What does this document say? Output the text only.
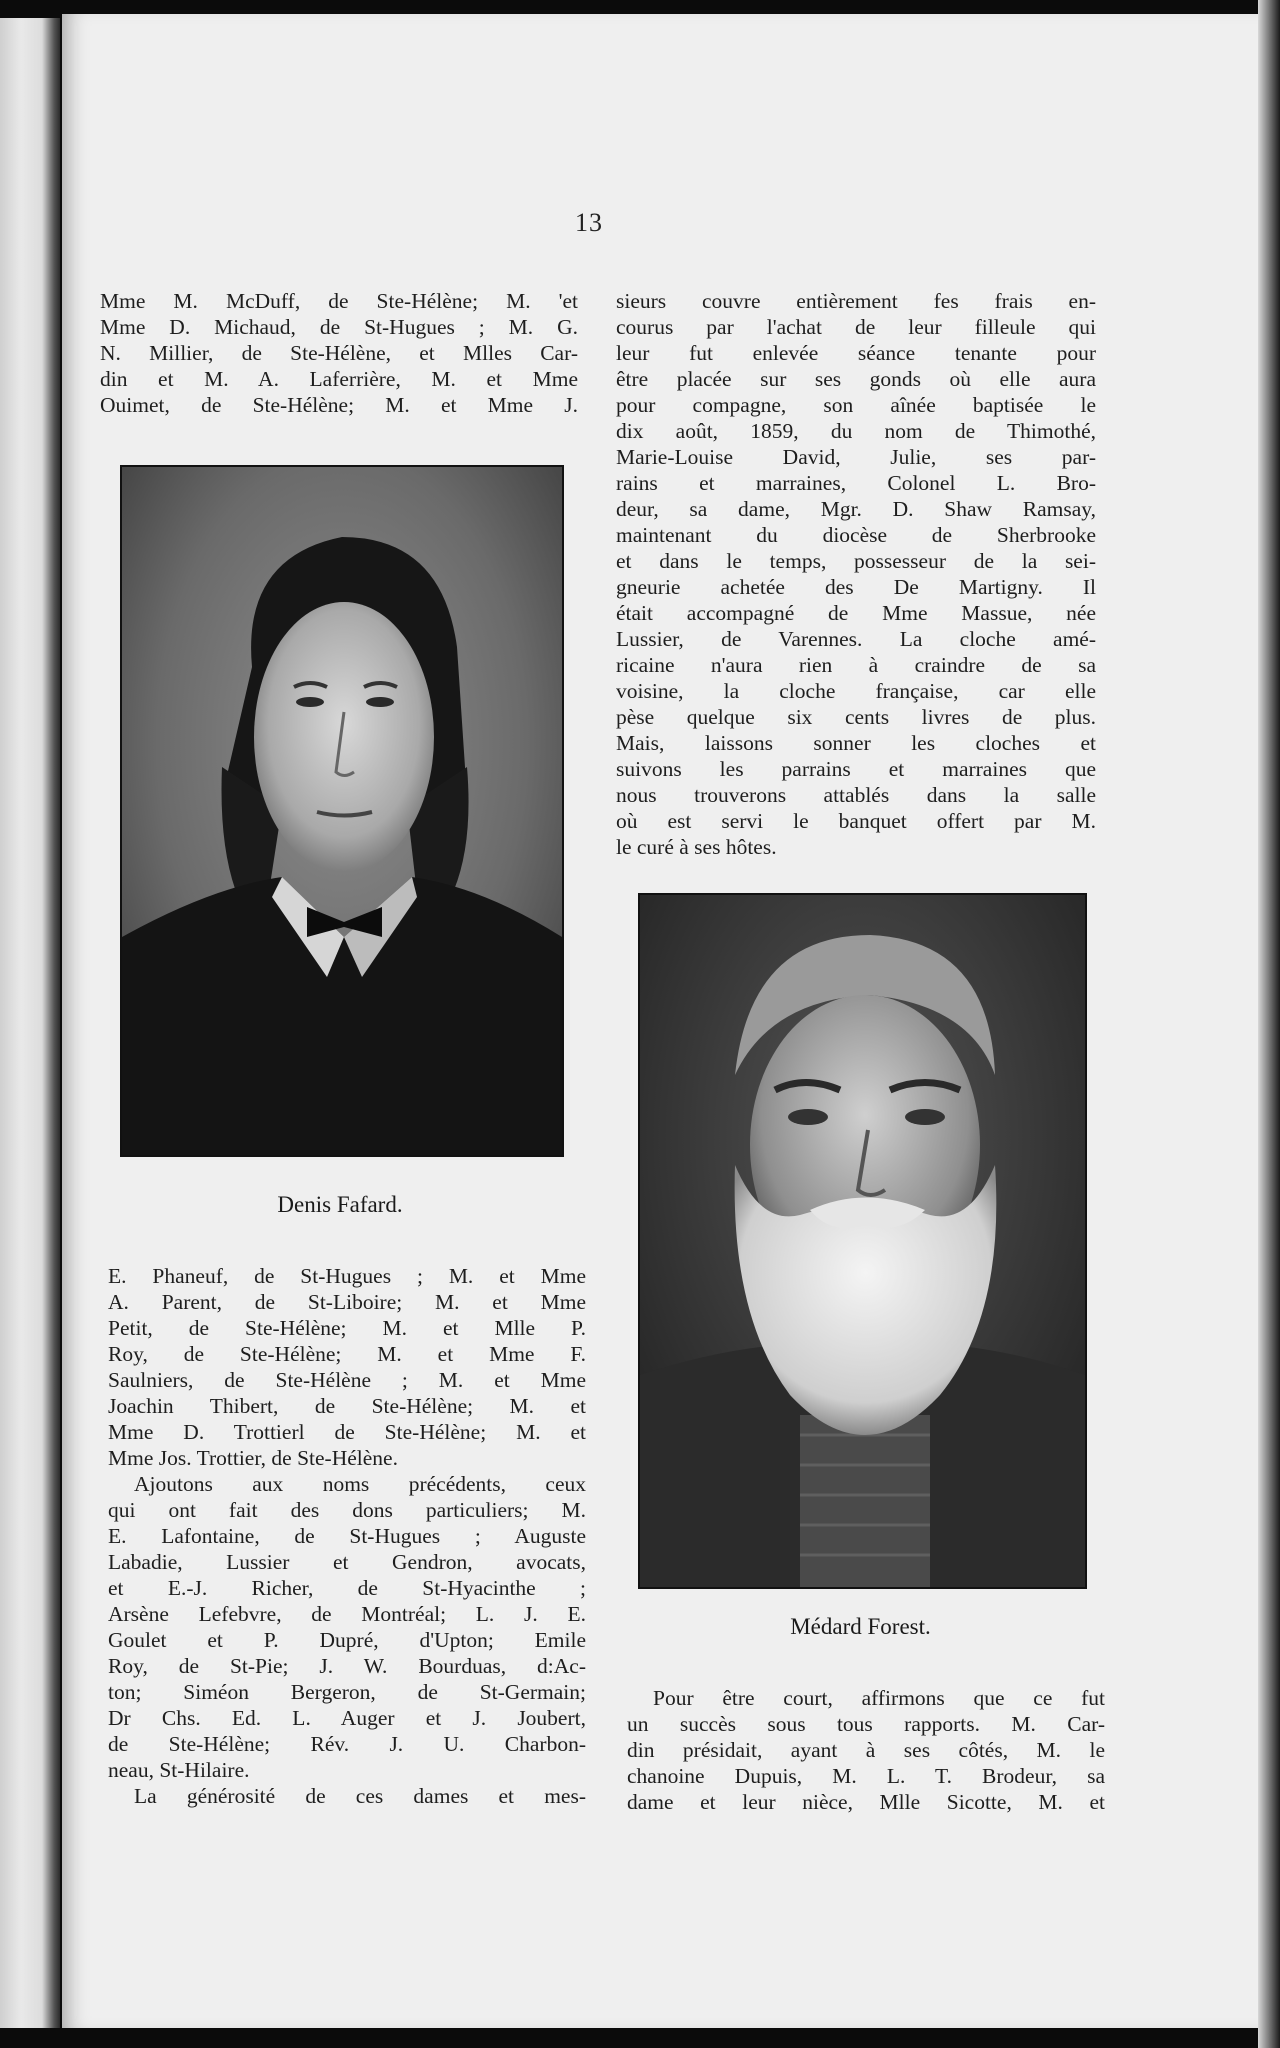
13

Mme M. McDuff, de Ste-Hélène; M. 'et
Mme D. Michaud, de St-Hugues ; M. G.
N. Millier, de Ste-Hélène, et Mlles Car-
din et M. A. Laferrière, M. et Mme
Ouimet, de Ste-Hélène; M. et Mme J.

sieurs couvre entièrement fes frais en-
courus par l'achat de leur filleule qui
leur fut enlevée séance tenante pour
être placée sur ses gonds où elle aura
pour compagne, son aînée baptisée le
dix août, 1859, du nom de Thimothé,
Marie-Louise David, Julie, ses par-
rains et marraines, Colonel L. Bro-
deur, sa dame, Mgr. D. Shaw Ramsay,
maintenant du diocèse de Sherbrooke
et dans le temps, possesseur de la sei-
gneurie achetée des De Martigny. Il
était accompagné de Mme Massue, née
Lussier, de Varennes. La cloche amé-
ricaine n'aura rien à craindre de sa
voisine, la cloche française, car elle
pèse quelque six cents livres de plus.
Mais, laissons sonner les cloches et
suivons les parrains et marraines que
nous trouverons attablés dans la salle
où est servi le banquet offert par M.
le curé à ses hôtes.

Denis Fafard.
Médard Forest.

E. Phaneuf, de St-Hugues ; M. et Mme
A. Parent, de St-Liboire; M. et Mme
Petit, de Ste-Hélène; M. et Mlle P.
Roy, de Ste-Hélène; M. et Mme F.
Saulniers, de Ste-Hélène ; M. et Mme
Joachin Thibert, de Ste-Hélène; M. et
Mme D. Trottierl de Ste-Hélène; M. et
Mme Jos. Trottier, de Ste-Hélène.

Ajoutons aux noms précédents, ceux
qui ont fait des dons particuliers; M.
E. Lafontaine, de St-Hugues ; Auguste
Labadie, Lussier et Gendron, avocats,
et E.-J. Richer, de St-Hyacinthe ;
Arsène Lefebvre, de Montréal; L. J. E.
Goulet et P. Dupré, d'Upton; Emile
Roy, de St-Pie; J. W. Bourduas, d:Ac-
ton; Siméon Bergeron, de St-Germain;
Dr Chs. Ed. L. Auger et J. Joubert,
de Ste-Hélène; Rév. J. U. Charbon-
neau, St-Hilaire.

La générosité de ces dames et mes-

Pour être court, affirmons que ce fut
un succès sous tous rapports. M. Car-
din présidait, ayant à ses côtés, M. le
chanoine Dupuis, M. L. T. Brodeur, sa
dame et leur nièce, Mlle Sicotte, M. et
